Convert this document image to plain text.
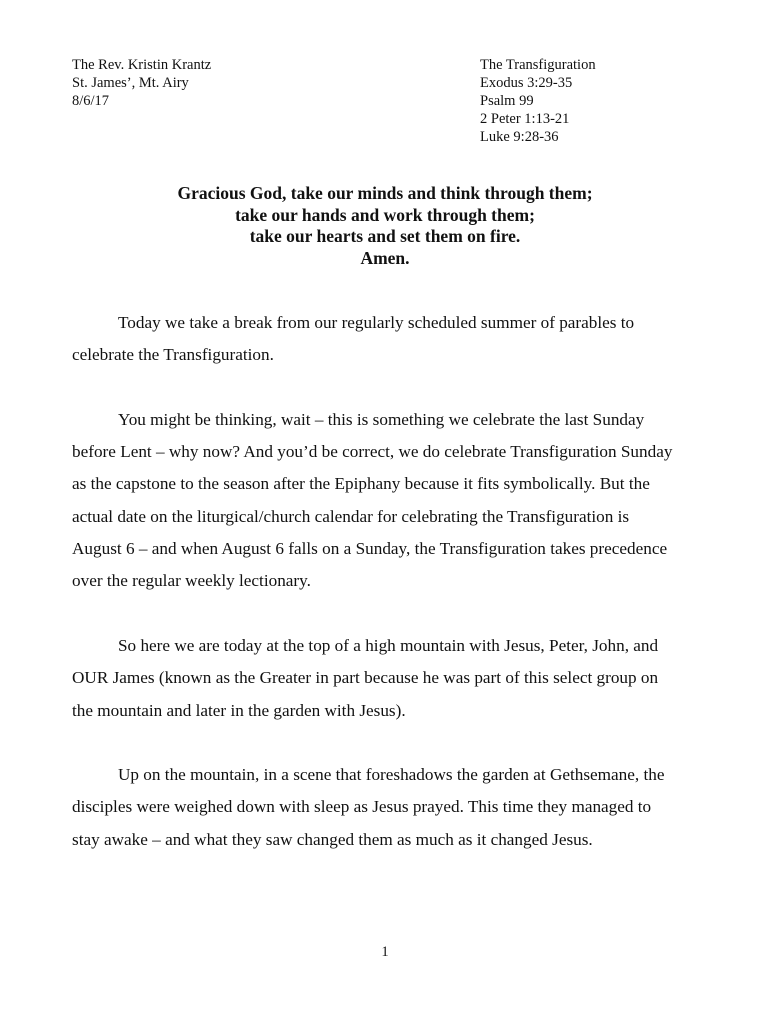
The Rev. Kristin Krantz
St. James’, Mt. Airy
8/6/17
The Transfiguration
Exodus 3:29-35
Psalm 99
2 Peter 1:13-21
Luke 9:28-36
Gracious God, take our minds and think through them;
take our hands and work through them;
take our hearts and set them on fire.
Amen.
Today we take a break from our regularly scheduled summer of parables to
celebrate the Transfiguration.
You might be thinking, wait – this is something we celebrate the last Sunday
before Lent – why now? And you’d be correct, we do celebrate Transfiguration Sunday
as the capstone to the season after the Epiphany because it fits symbolically. But the
actual date on the liturgical/church calendar for celebrating the Transfiguration is
August 6 – and when August 6 falls on a Sunday, the Transfiguration takes precedence
over the regular weekly lectionary.
So here we are today at the top of a high mountain with Jesus, Peter, John, and
OUR James (known as the Greater in part because he was part of this select group on
the mountain and later in the garden with Jesus).
Up on the mountain, in a scene that foreshadows the garden at Gethsemane, the
disciples were weighed down with sleep as Jesus prayed. This time they managed to
stay awake – and what they saw changed them as much as it changed Jesus.
1
